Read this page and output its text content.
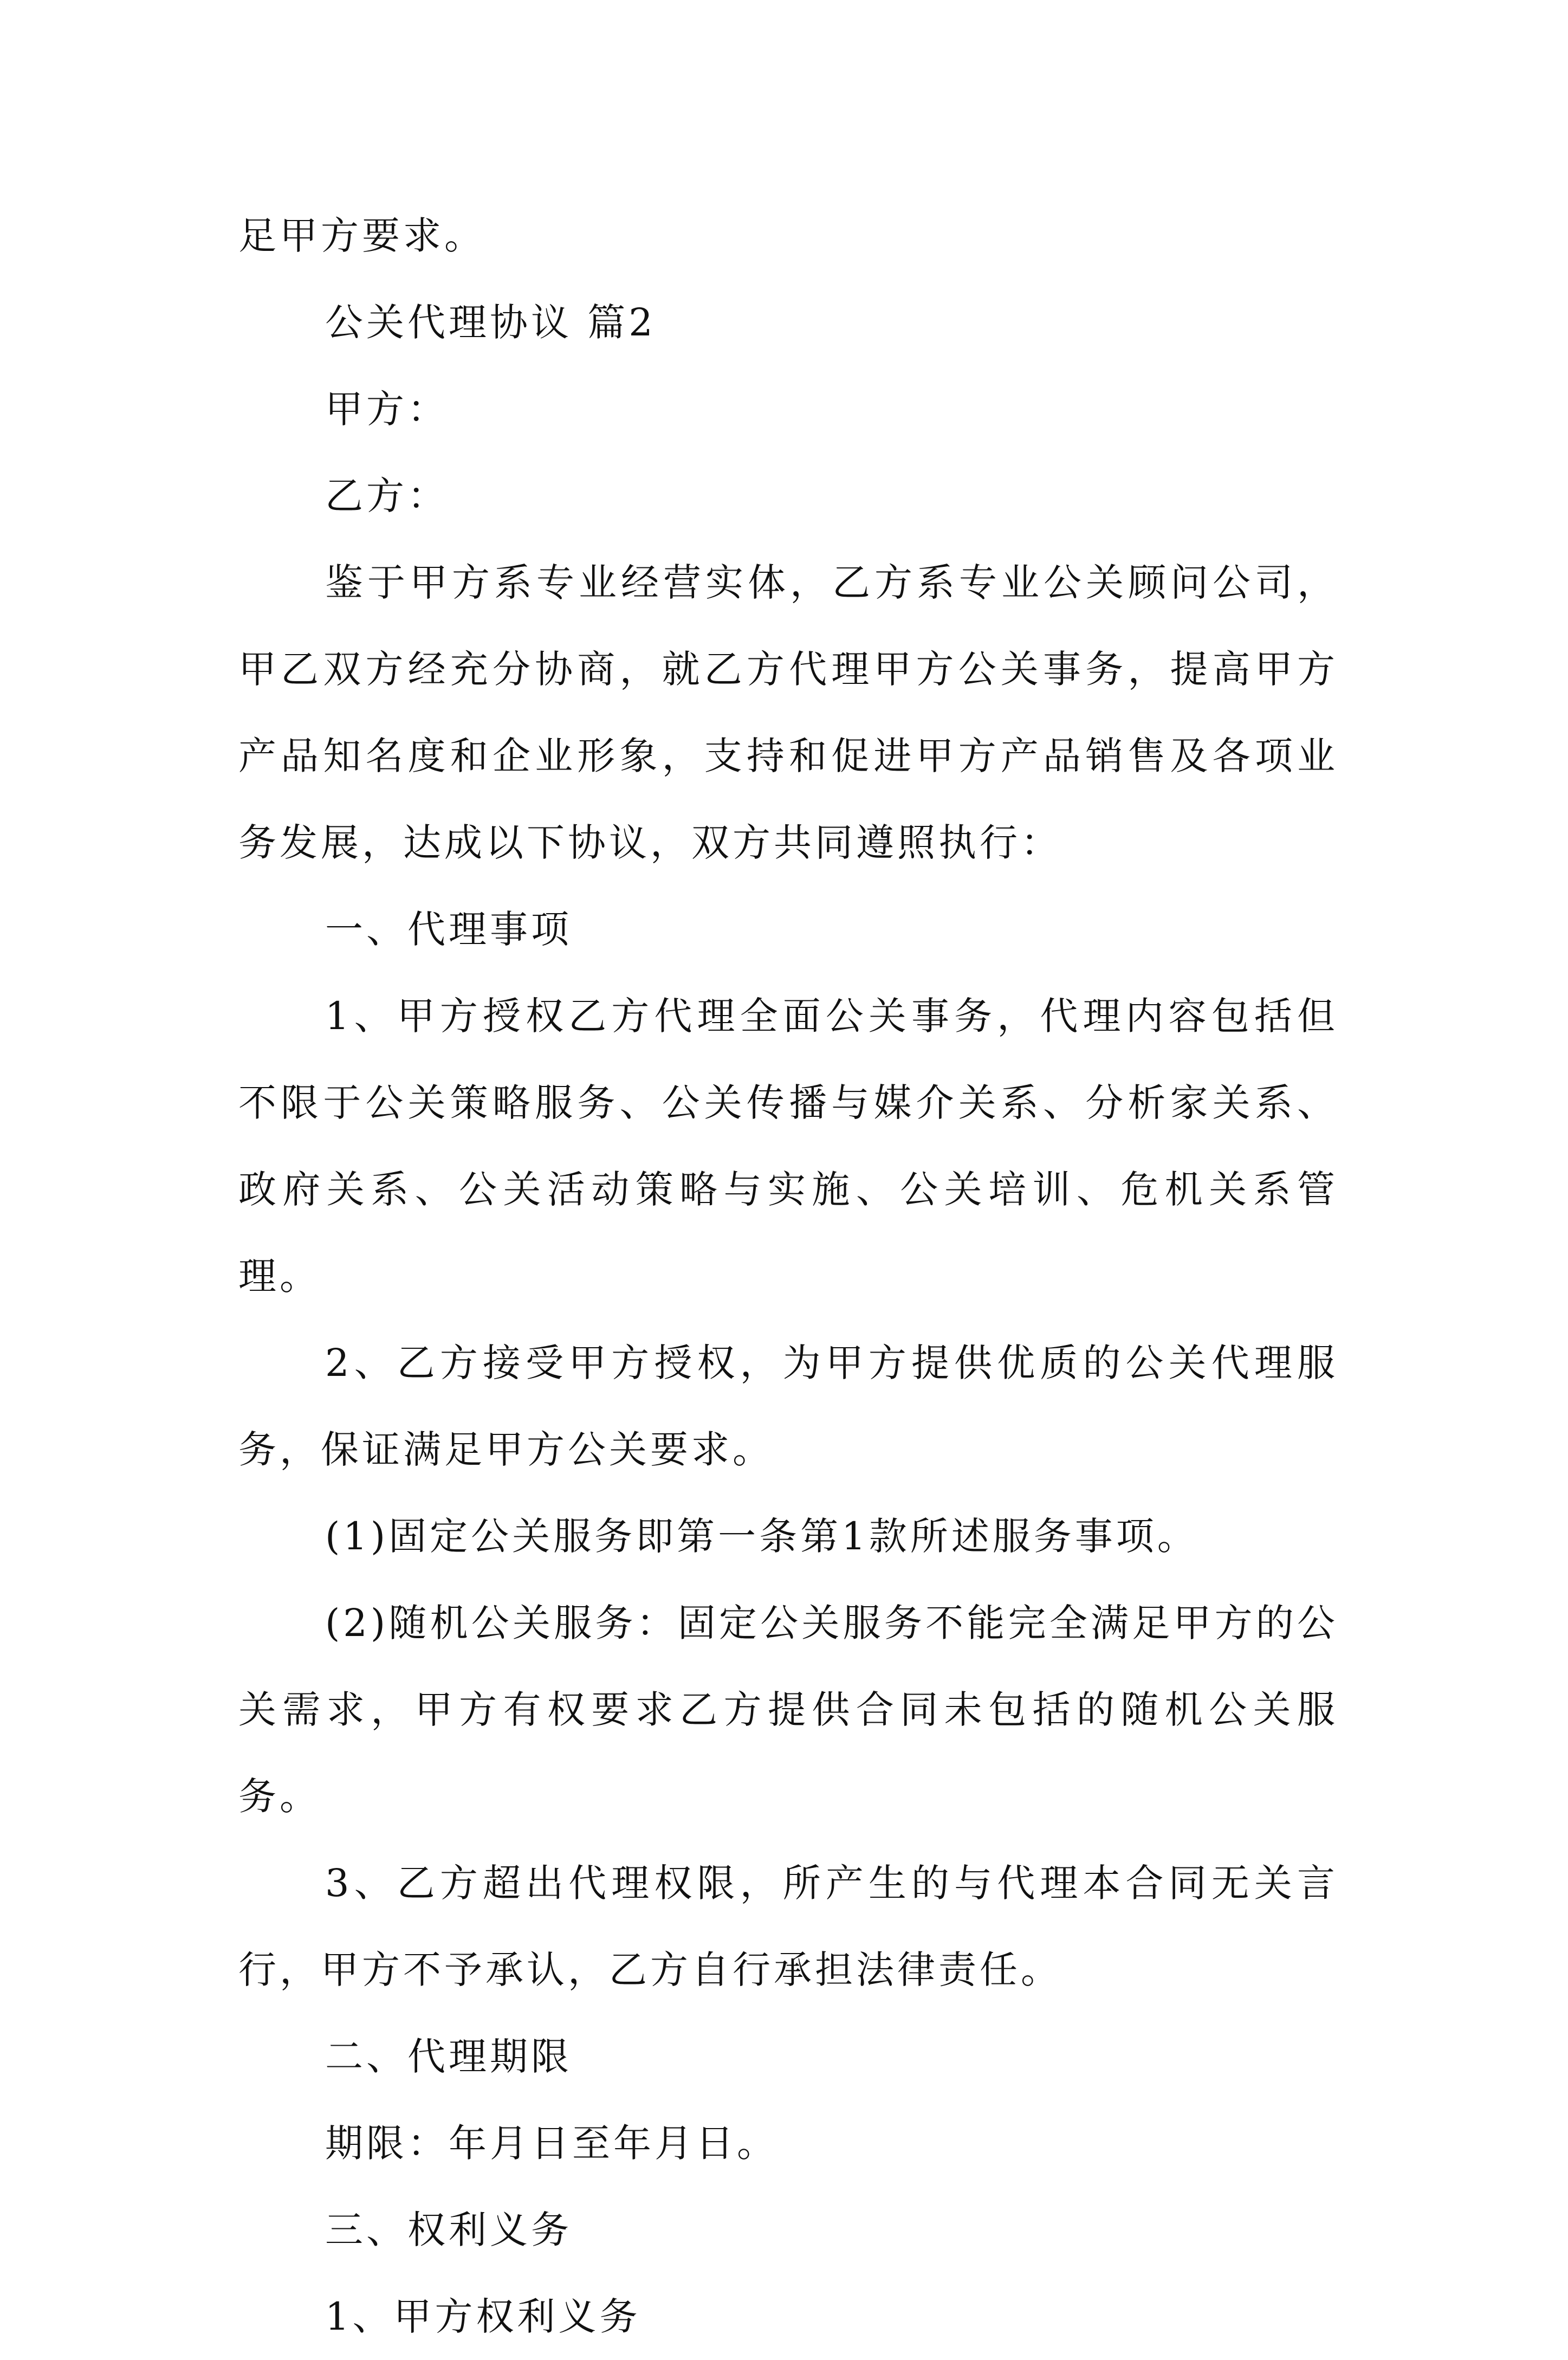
足甲方要求。

公关代理协议 篇2

甲方：

乙方：

鉴于甲方系专业经营实体，乙方系专业公关顾问公司，甲乙双方经充分协商，就乙方代理甲方公关事务，提高甲方产品知名度和企业形象，支持和促进甲方产品销售及各项业务发展，达成以下协议，双方共同遵照执行：

一、代理事项

1、甲方授权乙方代理全面公关事务，代理内容包括但不限于公关策略服务、公关传播与媒介关系、分析家关系、政府关系、公关活动策略与实施、公关培训、危机关系管理。

2、乙方接受甲方授权，为甲方提供优质的公关代理服务，保证满足甲方公关要求。

(1)固定公关服务即第一条第1款所述服务事项。

(2)随机公关服务：固定公关服务不能完全满足甲方的公关需求，甲方有权要求乙方提供合同未包括的随机公关服务。

3、乙方超出代理权限，所产生的与代理本合同无关言行，甲方不予承认，乙方自行承担法律责任。

二、代理期限

期限：年月日至年月日。

三、权利义务

1、甲方权利义务
